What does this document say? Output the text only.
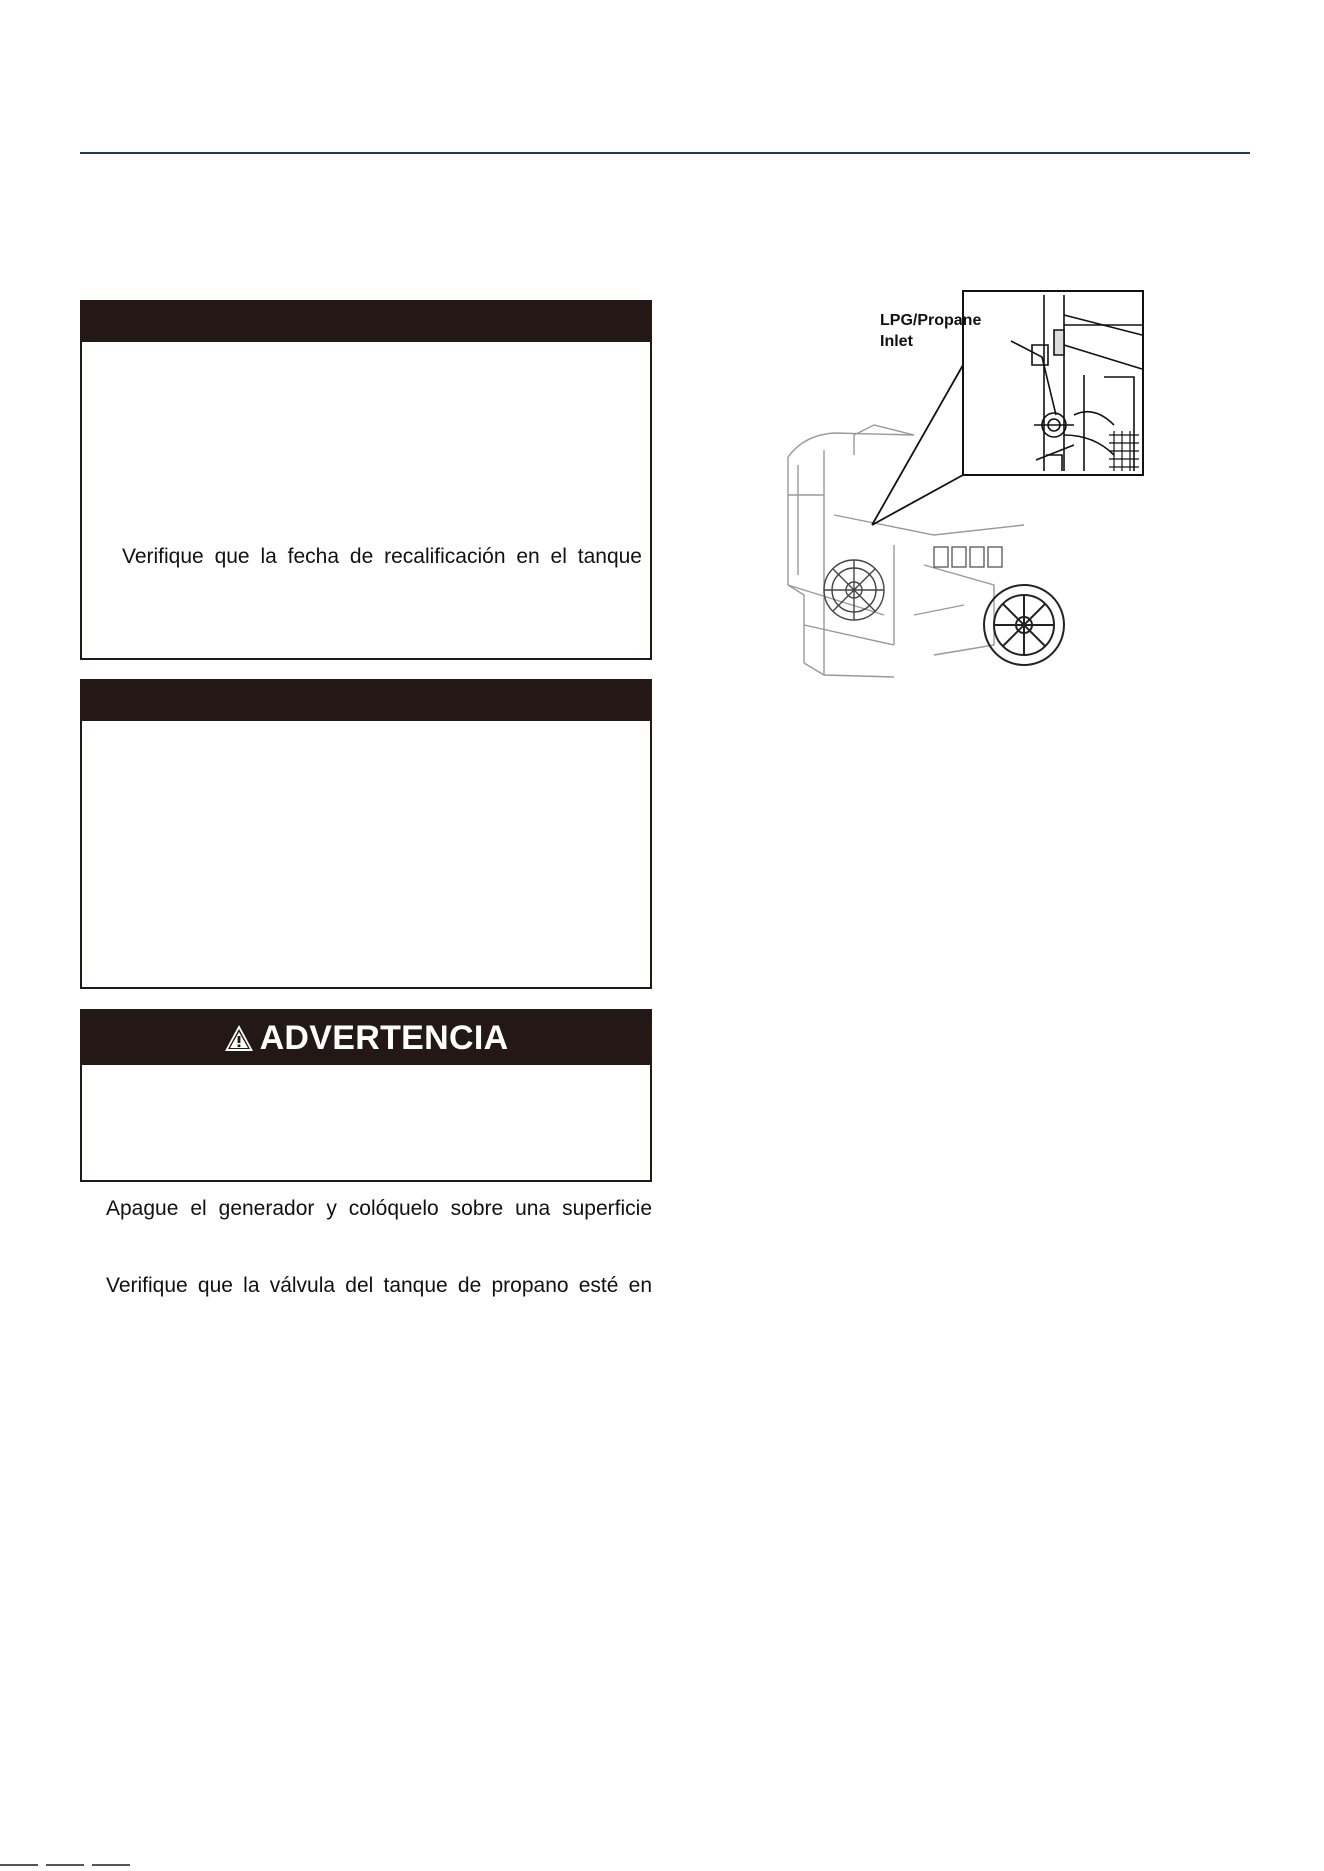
Verifique que la fecha de recalificación en el tanque
ADVERTENCIA
Apague el generador y colóquelo sobre una superficie
Verifique que la válvula del tanque de propano esté en
LPG/Propane
Inlet
